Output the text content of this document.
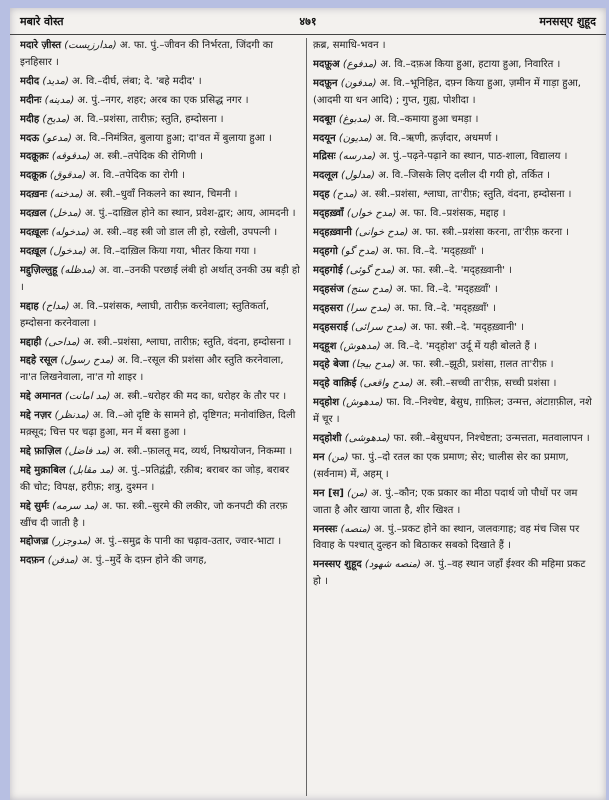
मबारे वोस्त	४७१	मनसस्ए शुहूद
मदारे ज़ीस्त (مدارزیست) अ. फा. पुं.–जीवन की निर्भरता, जिंदगी का इनहिसार ।
मदीद (مدید) अ. वि.–दीर्घ, लंबा; दे. 'बहे मदीद' ।
मदीनः (مدینه) अ. पुं.–नगर, शहर; अरब का एक प्रसिद्ध नगर ।
मदीह (مدیح) अ. वि.–प्रशंसा, तारीफ़; स्तुति, हम्दोसना ।
मदऊ (مدعو) अ. वि.–निमंत्रित, बुलाया हुआ; दा'वत में बुलाया हुआ ।
मदक़ूक़ः (مدقوقه) अ. स्त्री.–तपेदिक की रोगिणी ।
मदक़ूक़ (مدقوق) अ. वि.–तपेदिक का रोगी ।
मदख़नः (مدخنه) अ. स्त्री.–धुवाँ निकलने का स्थान, चिमनी ।
मदख़ल (مدخل) अ. पुं.–दाख़िल होने का स्थान, प्रवेश-द्वार; आय, आमदनी ।
मदख़ूलः (مدخوله) अ. स्त्री.–वह स्त्री जो डाल ली हो, रखेली, उपपत्नी ।
मदख़ूल (مدخول) अ. वि.–दाख़िल किया गया, भीतर किया गया ।
मद्दुज़िल्लुहू (مدظله) अ. वा.–उनकी परछाई लंबी हो अर्थात् उनकी उम्र बड़ी हो ।
मद्दाह (مداح) अ. वि.–प्रशंसक, श्लाघी, तारीफ़ करनेवाला; स्तुतिकर्ता, हम्दोसना करनेवाला ।
मद्दाही (مداحی) अ. स्त्री.–प्रशंसा, श्लाघा, तारीफ़; स्तुति, वंदना, हम्दोसना ।
मद्दहे रसूल (مدح رسول) अ. वि.–रसूल की प्रशंसा और स्तुति करनेवाला, ना'त लिखनेवाला, ना'त गो शाइर ।
मद्दे अमानत (مد امانت) अ. स्त्री.–धरोहर की मद का, धरोहर के तौर पर ।
मद्दे नज़र (مدنظر) अ. वि.–ओ दृष्टि के सामने हो, दृष्टिगत; मनोवांछित, दिली मक़्सूद; चित्त पर चढ़ा हुआ, मन में बसा हुआ ।
मद्दे फ़ाज़िल (مد فاضل) अ. स्त्री.–फ़ालतू मद, व्यर्थ, निष्प्रयोजन, निकम्मा ।
मद्दे मुक़ाबिल (مد مقابل) अ. पुं.–प्रतिद्वंद्वी, रक़ीब; बराबर का जोड़, बराबर की चोट; विपक्ष, हरीफ़; शत्रु, दुश्मन ।
मद्दे सुर्मः (مد سرمه) अ. फा. स्त्री.–सुरमे की लकीर, जो कनपटी की तरफ़ खींच दी जाती है ।
मद्दोजज़्र (مدوجزر) अ. पुं.–समुद्र के पानी का चढ़ाव-उतार, ज्वार-भाटा ।
मदफ़न (مدفن) अ. पुं.–मुर्दे के दफ़्न होने की जगह,
क़ब्र, समाधि-भवन ।
मदफ़ूअ (مدفوع) अ. वि.–दफ़अ किया हुआ, हटाया हुआ, निवारित ।
मदफ़ून (مدفون) अ. वि.–भूनिहित, दफ़्न किया हुआ, ज़मीन में गाड़ा हुआ, (आदमी या धन आदि) ; गुप्त, गुह्य, पोशीदा ।
मदबूग़ (مدبوغ) अ. वि.–कमाया हुआ चमड़ा ।
मदयून (مدیون) अ. वि.–ऋणी, क़र्ज़दार, अधमर्ण ।
मद्रिसः (مدرسه) अ. पुं.–पढ़ने-पढ़ाने का स्थान, पाठ-शाला, विद्यालय ।
मदलूल (مدلول) अ. वि.–जिसके लिए दलील दी गयी हो, तर्कित ।
मद्ह (مدح) अ. स्त्री.–प्रशंसा, श्लाघा, ता'रीफ़; स्तुति, वंदना, हम्दोसना ।
मद्हख़्वाँ (مدح خواں) अ. फा. वि.–प्रशंसक, मद्दाह ।
मद्हख़्वानी (مدح خوانی) अ. फा. स्त्री.–प्रशंसा करना, ता'रीफ़ करना ।
मद्हगो (مدح گو) अ. फा. वि.–दे. 'मद्हख़्वाँ' ।
मद्हगोई (مدح گوئی) अ. फा. स्त्री.–दे. 'मद्हख़्वानी' ।
मद्हसंज (مدح سنج) अ. फा. वि.–दे. 'मद्हख़्वाँ' ।
मद्हसरा (مدح سرا) अ. फा. वि.–दे. 'मद्हख़्वाँ' ।
मद्हसराई (مدح سرائی) अ. फा. स्त्री.–दे. 'मद्हख़्वानी' ।
मद्हूश (مدهوش) अ. वि.–दे. 'मद्होश' उर्दू में यही बोलते हैं ।
मद्हे बेजा (مدح بیجا) अ. फा. स्त्री.–झूठी, प्रशंसा, ग़लत ता'रीफ़ ।
मद्हे वाक़िई (مدح واقعی) अ. स्त्री.–सच्ची ता'रीफ़, सच्ची प्रशंसा ।
मद्होश (مدهوش) फा. वि.–निश्चेष्ट, बेसुध, ग़ाफ़िल; उन्मत्त, अंटाग़फ़ील, नशे में चूर ।
मद्होशी (مدهوشی) फा. स्त्री.–बेसुधपन, निश्चेष्टता; उन्मत्तता, मतवालापन ।
मन (من) फा. पुं.–दो रतल का एक प्रमाण; सेर; चालीस सेर का प्रमाण, (सर्वनाम) में, अहम् ।
मन [स] (من) अ. पुं.–कौन; एक प्रकार का मीठा पदार्थ जो पौधों पर जम जाता है और खाया जाता है, शीर खिश्त ।
मनस्सः (منصه) अ. पुं.–प्रकट होने का स्थान, जलवःगाह; वह मंच जिस पर विवाह के पश्चात् दुल्हन को बिठाकर सबको दिखाते हैं ।
मनस्सए शुहूद (منصه شهود) अ. पुं.–वह स्थान जहाँ ईश्वर की महिमा प्रकट हो ।
